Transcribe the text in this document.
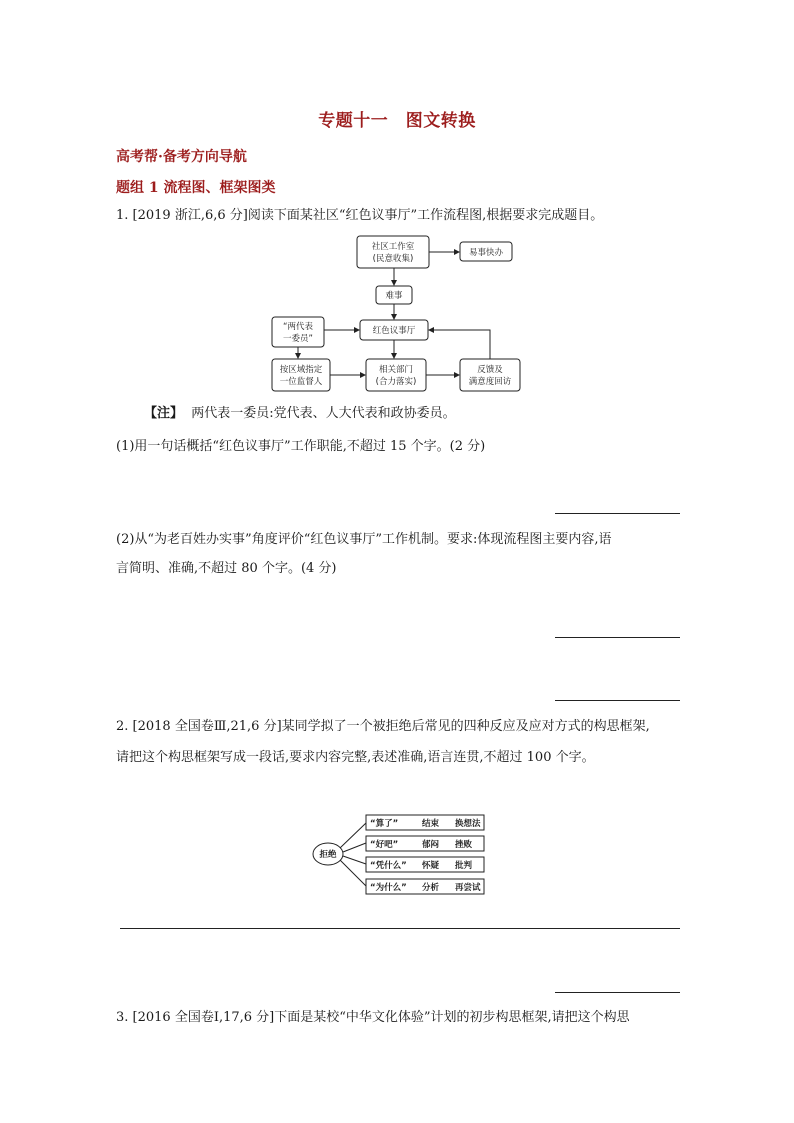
专题十一　图文转换
高考帮·备考方向导航
题组 1 流程图、框架图类
1. [2019 浙江,6,6 分]阅读下面某社区“红色议事厅”工作流程图,根据要求完成题目。
社区工作室
(民意收集)
易事快办
难事
红色议事厅
“两代表
一委员”
按区域指定
一位监督人
相关部门
(合力落实)
反馈及
满意度回访
【注】 两代表一委员:党代表、人大代表和政协委员。
(1)用一句话概括“红色议事厅”工作职能,不超过 15 个字。(2 分)
(2)从“为老百姓办实事”角度评价“红色议事厅”工作机制。要求:体现流程图主要内容,语
言简明、准确,不超过 80 个字。(4 分)
2. [2018 全国卷Ⅲ,21,6 分]某同学拟了一个被拒绝后常见的四种反应及应对方式的构思框架,
请把这个构思框架写成一段话,要求内容完整,表述准确,语言连贯,不超过 100 个字。
拒绝
“算了”	结束 换想法
“好吧”	郁闷 挫败
“凭什么” 怀疑 批判
“为什么” 分析 再尝试
3. [2016 全国卷Ⅰ,17,6 分]下面是某校“中华文化体验”计划的初步构思框架,请把这个构思
